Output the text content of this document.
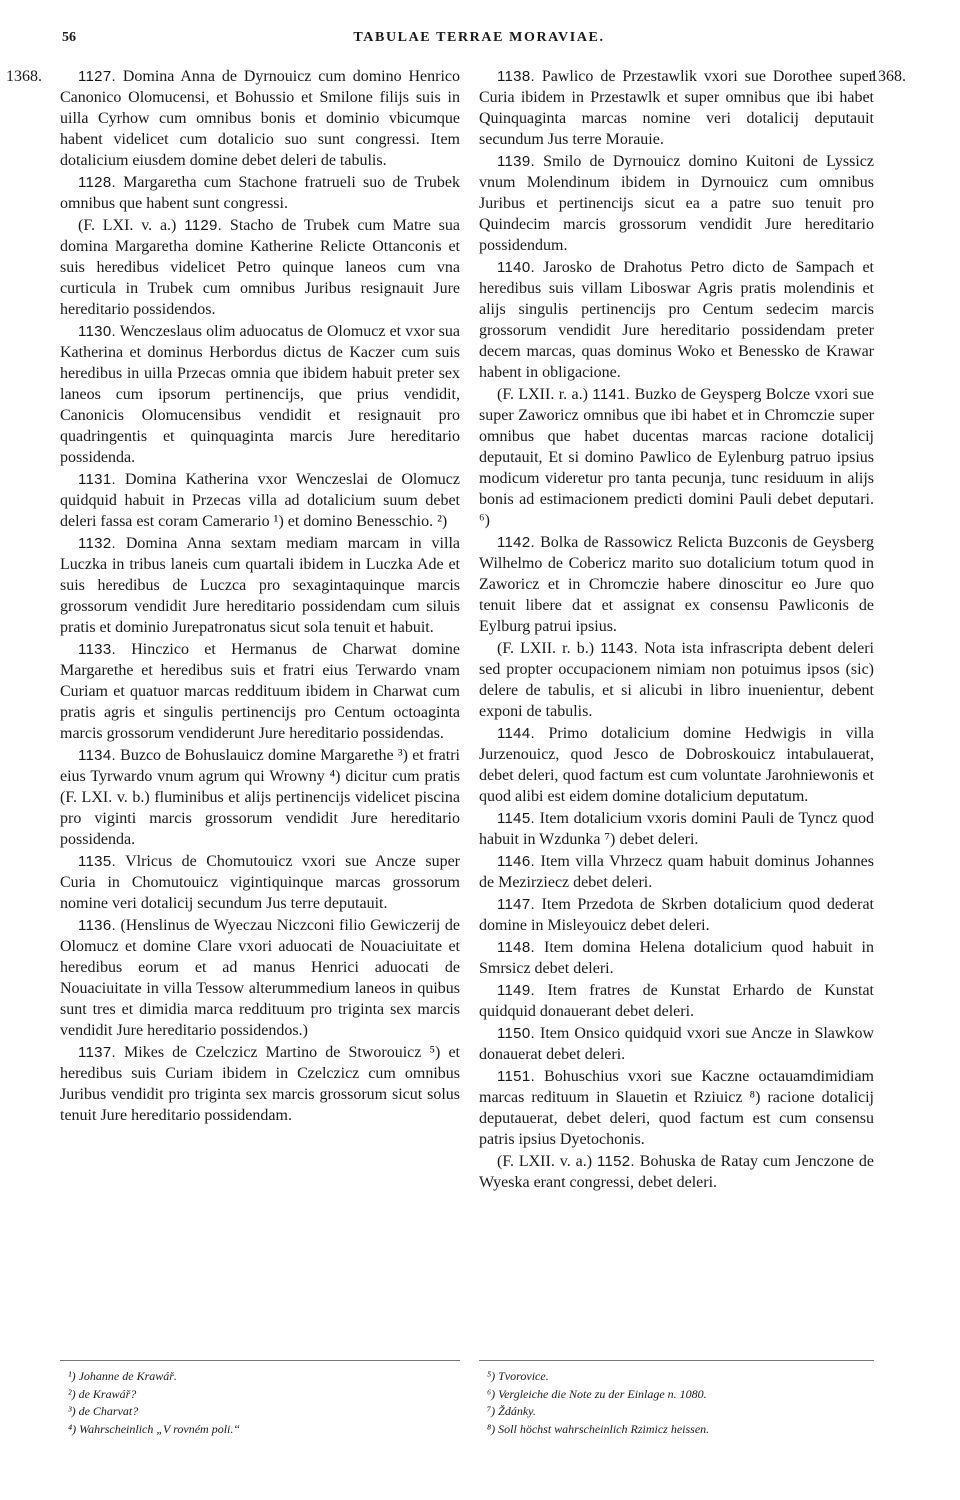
56	TABULAE TERRAE MORAVIAE.
1368.	1368.

1127. Domina Anna de Dyrnouicz cum domino Henrico Canonico Olomucensi, et Bohussio et Smilone filijs suis in uilla Cyrhow cum omnibus bonis et dominio vbicumque habent videlicet cum dotalicio suo sunt congressi. Item dotalicium eiusdem domine debet deleri de tabulis.

1128. Margaretha cum Stachone fratrueli suo de Trubek omnibus que habent sunt congressi.

(F. LXI. v. a.) 1129. Stacho de Trubek cum Matre sua domina Margaretha domine Katherine Relicte Ottanconis et suis heredibus videlicet Petro quinque laneos cum vna curticula in Trubek cum omnibus Juribus resignauit Jure hereditario possidendos.

1130. Wenczeslaus olim aduocatus de Olomucz et vxor sua Katherina et dominus Herbordus dictus de Kaczer cum suis heredibus in uilla Przecas omnia que ibidem habuit preter sex laneos cum ipsorum pertinencijs, que prius vendidit, Canonicis Olomucensibus vendidit et resignauit pro quadringentis et quinquaginta marcis Jure hereditario possidenda.

1131. Domina Katherina vxor Wenczeslai de Olomucz quidquid habuit in Przecas villa ad dotalicium suum debet deleri fassa est coram Camerario ¹) et domino Benesschio. ²)

1132. Domina Anna sextam mediam marcam in villa Luczka in tribus laneis cum quartali ibidem in Luczka Ade et suis heredibus de Luczca pro sexagintaquinque marcis grossorum vendidit Jure hereditario possidendam cum siluis pratis et dominio Jurepatronatus sicut sola tenuit et habuit.

1133. Hinczico et Hermanus de Charwat domine Margarethe et heredibus suis et fratri eius Terwardo vnam Curiam et quatuor marcas reddituum ibidem in Charwat cum pratis agris et singulis pertinencijs pro Centum octoaginta marcis grossorum vendiderunt Jure hereditario possidendas.

1134. Buzco de Bohuslauicz domine Margarethe ³) et fratri eius Tyrwardo vnum agrum qui Wrowny ⁴) dicitur cum pratis (F. LXI. v. b.) fluminibus et alijs pertinencijs videlicet piscina pro viginti marcis grossorum vendidit Jure hereditario possidenda.

1135. Vlricus de Chomutouicz vxori sue Ancze super Curia in Chomutouicz vigintiquinque marcas grossorum nomine veri dotalicij secundum Jus terre deputauit.

1136. (Henslinus de Wyeczau Niczconi filio Gewiczerij de Olomucz et domine Clare vxori aduocati de Nouaciuitate et heredibus eorum et ad manus Henrici aduocati de Nouaciuitate in villa Tessow alterummedium laneos in quibus sunt tres et dimidia marca reddituum pro triginta sex marcis vendidit Jure hereditario possidendos.)

1137. Mikes de Czelczicz Martino de Stworouicz ⁵) et heredibus suis Curiam ibidem in Czelczicz cum omnibus Juribus vendidit pro triginta sex marcis grossorum sicut solus tenuit Jure hereditario possidendam.

1138. Pawlico de Przestawlik vxori sue Dorothee super Curia ibidem in Przestawlk et super omnibus que ibi habet Quinquaginta marcas nomine veri dotalicij deputauit secundum Jus terre Morauie.

1139. Smilo de Dyrnouicz domino Kuitoni de Lyssicz vnum Molendinum ibidem in Dyrnouicz cum omnibus Juribus et pertinencijs sicut ea a patre suo tenuit pro Quindecim marcis grossorum vendidit Jure hereditario possidendum.

1140. Jarosko de Drahotus Petro dicto de Sampach et heredibus suis villam Liboswar Agris pratis molendinis et alijs singulis pertinencijs pro Centum sedecim marcis grossorum vendidit Jure hereditario possidendam preter decem marcas, quas dominus Woko et Benessko de Krawar habent in obligacione.

(F. LXII. r. a.) 1141. Buzko de Geysperg Bolcze vxori sue super Zaworicz omnibus que ibi habet et in Chromczie super omnibus que habet ducentas marcas racione dotalicij deputauit, Et si domino Pawlico de Eylenburg patruo ipsius modicum videretur pro tanta pecunja, tunc residuum in alijs bonis ad estimacionem predicti domini Pauli debet deputari. ⁶)

1142. Bolka de Rassowicz Relicta Buzconis de Geysberg Wilhelmo de Cobericz marito suo dotalicium totum quod in Zaworicz et in Chromczie habere dinoscitur eo Jure quo tenuit libere dat et assignat ex consensu Pawliconis de Eylburg patrui ipsius.

(F. LXII. r. b.) 1143. Nota ista infrascripta debent deleri sed propter occupacionem nimiam non potuimus ipsos (sic) delere de tabulis, et si alicubi in libro inuenientur, debent exponi de tabulis.

1144. Primo dotalicium domine Hedwigis in villa Jurzenouicz, quod Jesco de Dobroskouicz intabulauerat, debet deleri, quod factum est cum voluntate Jarohniewonis et quod alibi est eidem domine dotalicium deputatum.

1145. Item dotalicium vxoris domini Pauli de Tyncz quod habuit in Wzdunka ⁷) debet deleri.

1146. Item villa Vhrzecz quam habuit dominus Johannes de Mezirziecz debet deleri.

1147. Item Przedota de Skrben dotalicium quod dederat domine in Misleyouicz debet deleri.

1148. Item domina Helena dotalicium quod habuit in Smrsicz debet deleri.

1149. Item fratres de Kunstat Erhardo de Kunstat quidquid donauerant debet deleri.

1150. Item Onsico quidquid vxori sue Ancze in Slawkow donauerat debet deleri.

1151. Bohuschius vxori sue Kaczne octauamdimidiam marcas redituum in Slauetin et Rziuicz ⁸) racione dotalicij deputauerat, debet deleri, quod factum est cum consensu patris ipsius Dyetochonis.

(F. LXII. v. a.) 1152. Bohuska de Ratay cum Jenczone de Wyeska erant congressi, debet deleri.

¹) Johanne de Krawář.
²) de Krawář?
³) de Charvat?
⁴) Wahrscheinlich „V rovném poli.“
⁵) Tvorovice.
⁶) Vergleiche die Note zu der Einlage n. 1080.
⁷) Ždánky.
⁸) Soll höchst wahrscheinlich Rzimicz heissen.
